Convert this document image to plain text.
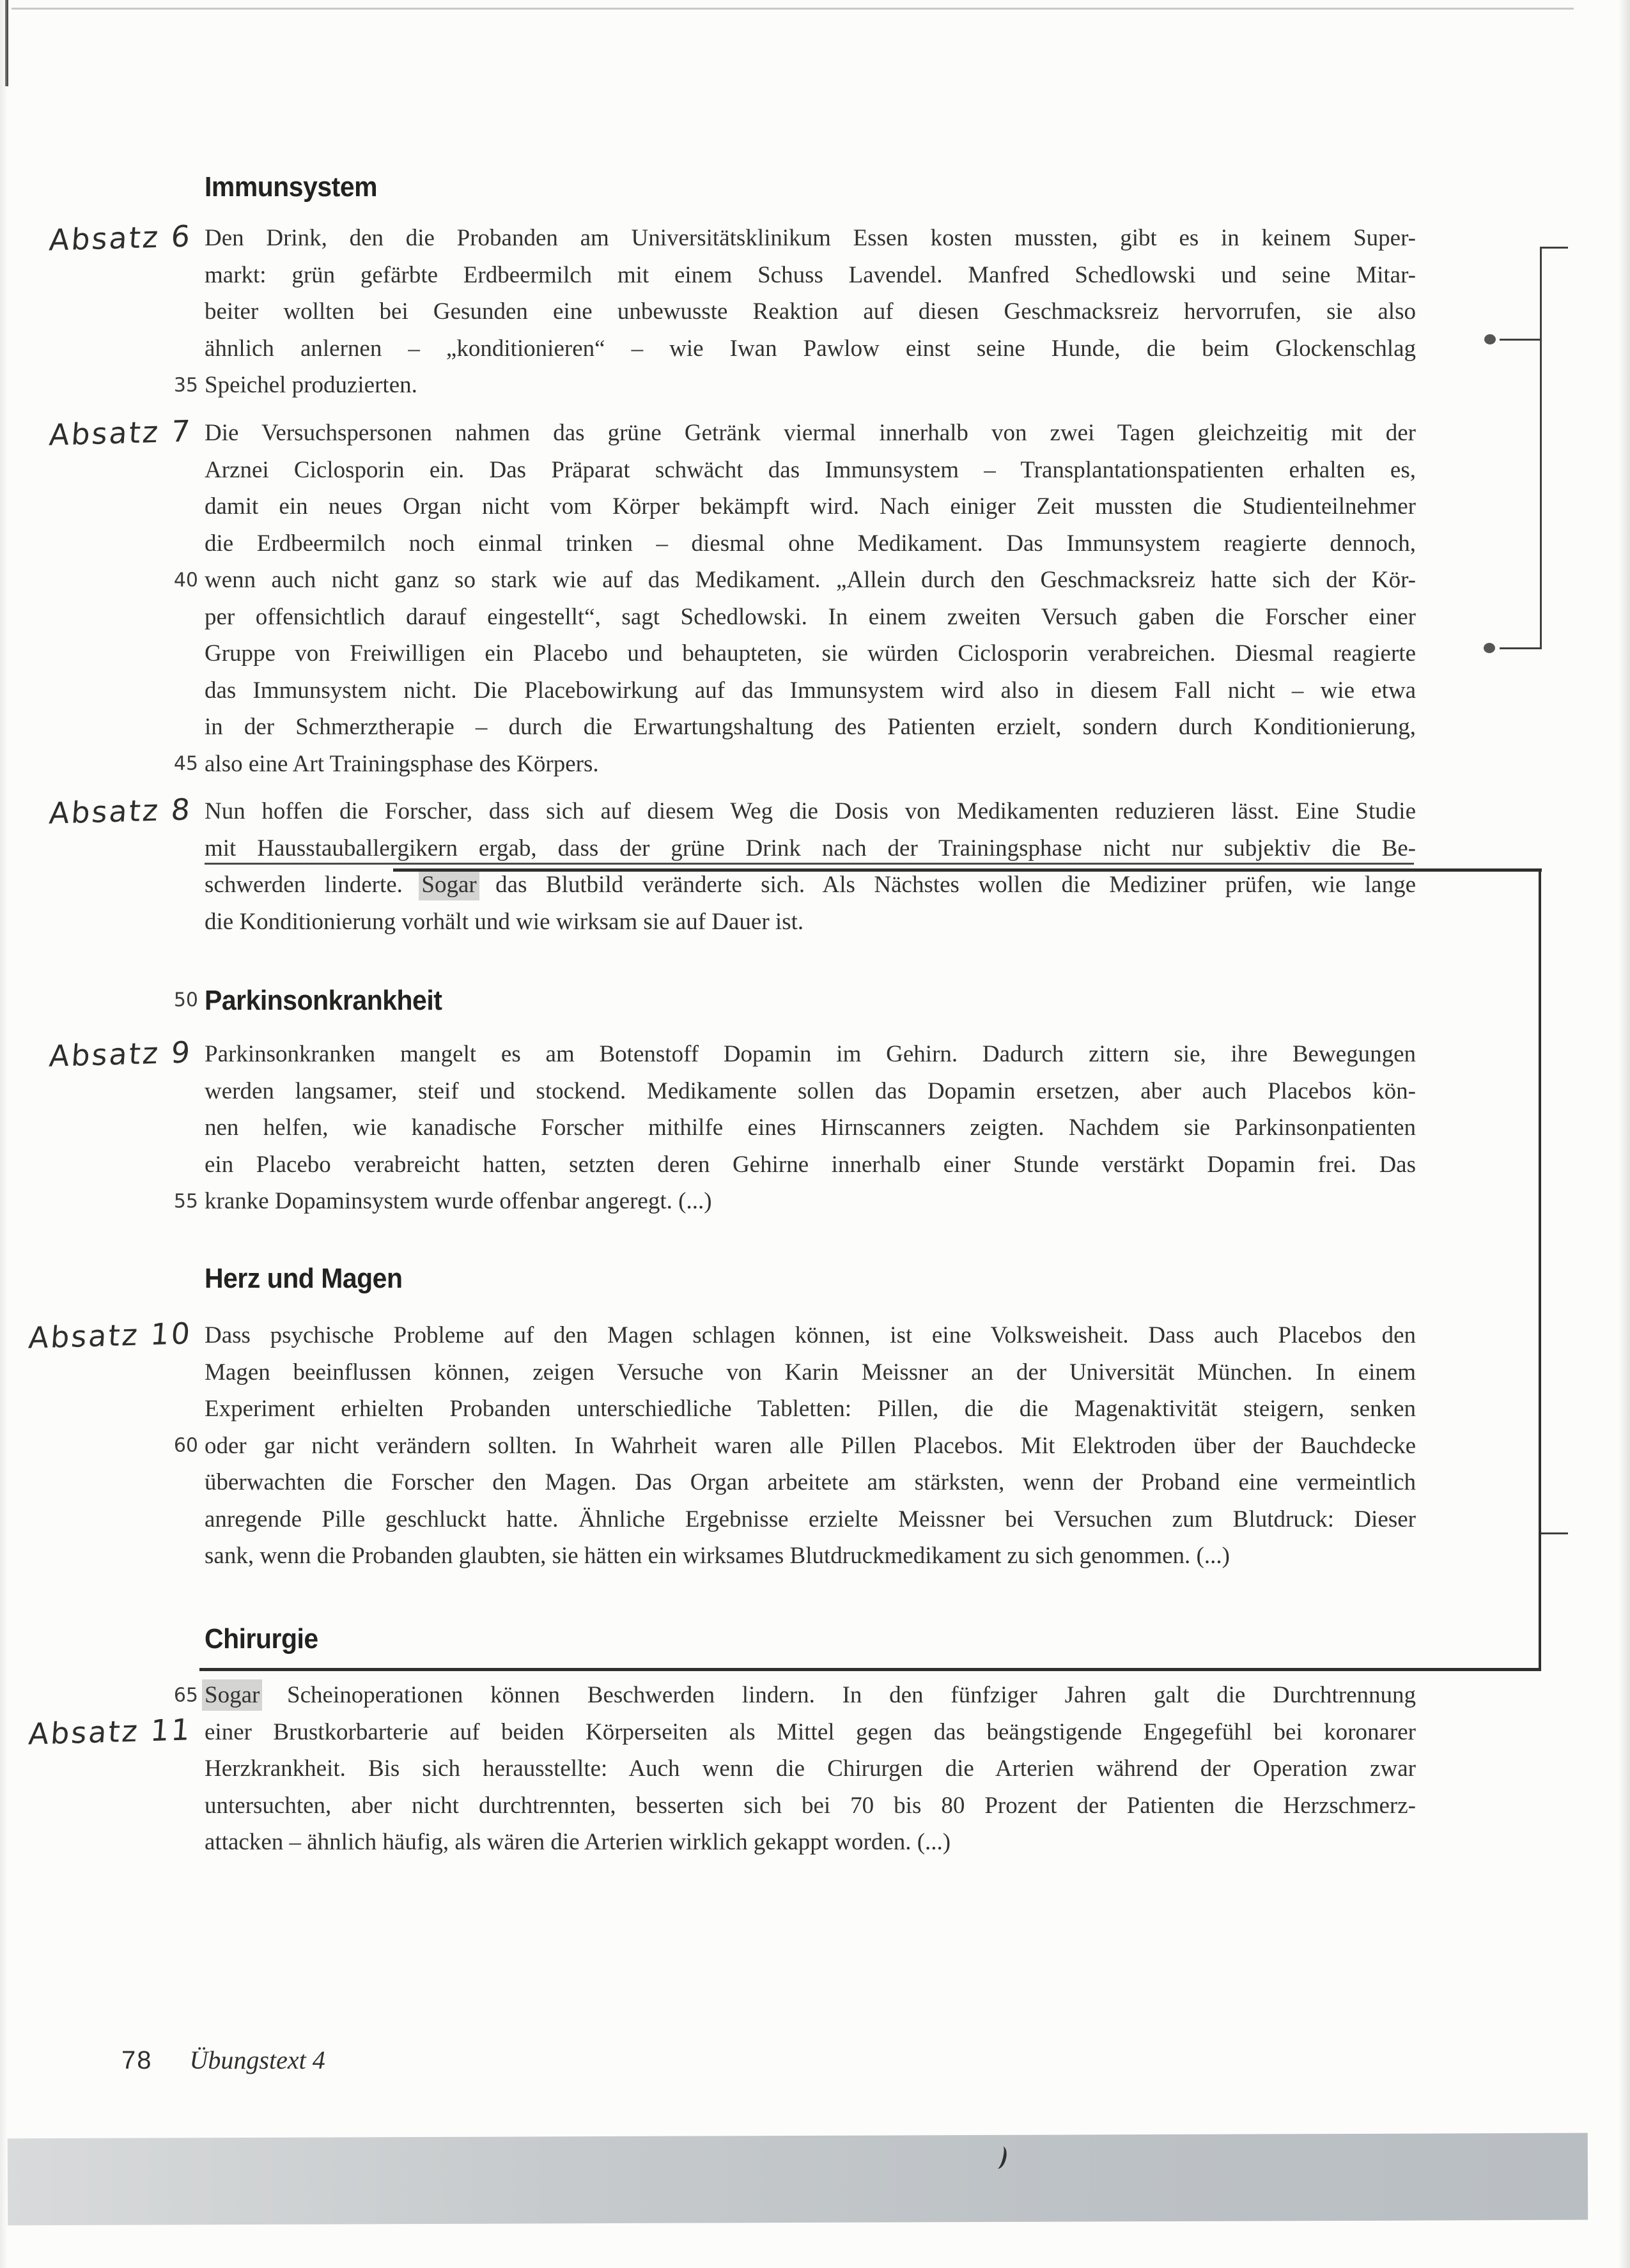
Immunsystem
Parkinsonkrankheit
Herz und Magen
Chirurgie
Den Drink, den die Probanden am Universitätsklinikum Essen kosten mussten, gibt es in keinem Super-
markt: grün gefärbte Erdbeermilch mit einem Schuss Lavendel. Manfred Schedlowski und seine Mitar-
beiter wollten bei Gesunden eine unbewusste Reaktion auf diesen Geschmacksreiz hervorrufen, sie also
ähnlich anlernen – „konditionieren“ – wie Iwan Pawlow einst seine Hunde, die beim Glockenschlag
Speichel produzierten.
Die Versuchspersonen nahmen das grüne Getränk viermal innerhalb von zwei Tagen gleichzeitig mit der
Arznei Ciclosporin ein. Das Präparat schwächt das Immunsystem – Transplantationspatienten erhalten es,
damit ein neues Organ nicht vom Körper bekämpft wird. Nach einiger Zeit mussten die Studienteilnehmer
die Erdbeermilch noch einmal trinken – diesmal ohne Medikament. Das Immunsystem reagierte dennoch,
wenn auch nicht ganz so stark wie auf das Medikament. „Allein durch den Geschmacksreiz hatte sich der Kör-
per offensichtlich darauf eingestellt“, sagt Schedlowski. In einem zweiten Versuch gaben die Forscher einer
Gruppe von Freiwilligen ein Placebo und behaupteten, sie würden Ciclosporin verabreichen. Diesmal reagierte
das Immunsystem nicht. Die Placebowirkung auf das Immunsystem wird also in diesem Fall nicht – wie etwa
in der Schmerztherapie – durch die Erwartungshaltung des Patienten erzielt, sondern durch Konditionierung,
also eine Art Trainingsphase des Körpers.
Nun hoffen die Forscher, dass sich auf diesem Weg die Dosis von Medikamenten reduzieren lässt. Eine Studie
mit Hausstauballergikern ergab, dass der grüne Drink nach der Trainingsphase nicht nur subjektiv die Be-
schwerden linderte. Sogar das Blutbild veränderte sich. Als Nächstes wollen die Mediziner prüfen, wie lange
die Konditionierung vorhält und wie wirksam sie auf Dauer ist.
Parkinsonkranken mangelt es am Botenstoff Dopamin im Gehirn. Dadurch zittern sie, ihre Bewegungen
werden langsamer, steif und stockend. Medikamente sollen das Dopamin ersetzen, aber auch Placebos kön-
nen helfen, wie kanadische Forscher mithilfe eines Hirnscanners zeigten. Nachdem sie Parkinsonpatienten
ein Placebo verabreicht hatten, setzten deren Gehirne innerhalb einer Stunde verstärkt Dopamin frei. Das
kranke Dopaminsystem wurde offenbar angeregt. (...)
Dass psychische Probleme auf den Magen schlagen können, ist eine Volksweisheit. Dass auch Placebos den
Magen beeinflussen können, zeigen Versuche von Karin Meissner an der Universität München. In einem
Experiment erhielten Probanden unterschiedliche Tabletten: Pillen, die die Magenaktivität steigern, senken
oder gar nicht verändern sollten. In Wahrheit waren alle Pillen Placebos. Mit Elektroden über der Bauchdecke
überwachten die Forscher den Magen. Das Organ arbeitete am stärksten, wenn der Proband eine vermeintlich
anregende Pille geschluckt hatte. Ähnliche Ergebnisse erzielte Meissner bei Versuchen zum Blutdruck: Dieser
sank, wenn die Probanden glaubten, sie hätten ein wirksames Blutdruckmedikament zu sich genommen. (...)
Sogar Scheinoperationen können Beschwerden lindern. In den fünfziger Jahren galt die Durchtrennung
einer Brustkorbarterie auf beiden Körperseiten als Mittel gegen das beängstigende Engegefühl bei koronarer
Herzkrankheit. Bis sich herausstellte: Auch wenn die Chirurgen die Arterien während der Operation zwar
untersuchten, aber nicht durchtrennten, besserten sich bei 70 bis 80 Prozent der Patienten die Herzschmerz-
attacken – ähnlich häufig, als wären die Arterien wirklich gekappt worden. (...)
Absatz 6
Absatz 7
Absatz 8
Absatz 9
Absatz 10
Absatz 11
35
40
45
50
55
60
65
78 Übungstext 4
